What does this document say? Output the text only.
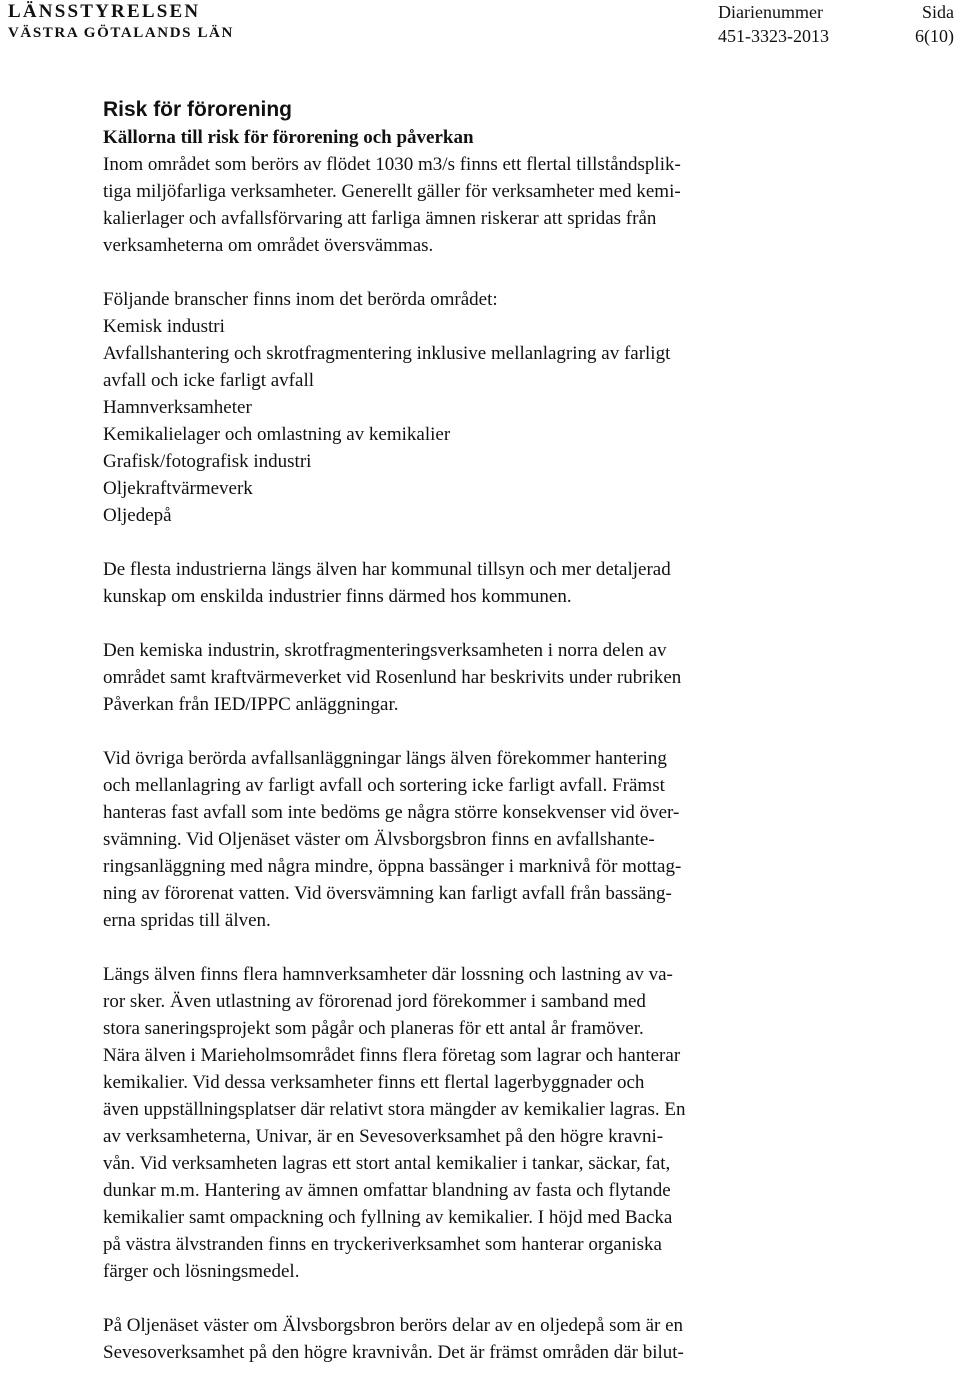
LÄNSSTYRELSEN
VÄSTRA GÖTALANDS LÄN
Diarienummer
451-3323-2013
Sida
6(10)
Risk för förorening
Källorna till risk för förorening och påverkan
Inom området som berörs av flödet 1030 m3/s finns ett flertal tillståndsplik-
tiga miljöfarliga verksamheter. Generellt gäller för verksamheter med kemi-
kalierlager och avfallsförvaring att farliga ämnen riskerar att spridas från
verksamheterna om området översvämmas.
Följande branscher finns inom det berörda området:
Kemisk industri
Avfallshantering och skrotfragmentering inklusive mellanlagring av farligt
avfall och icke farligt avfall
Hamnverksamheter
Kemikalielager och omlastning av kemikalier
Grafisk/fotografisk industri
Oljekraftvärmeverk
Oljedepå
De flesta industrierna längs älven har kommunal tillsyn och mer detaljerad
kunskap om enskilda industrier finns därmed hos kommunen.
Den kemiska industrin, skrotfragmenteringsverksamheten i norra delen av
området samt kraftvärmeverket vid Rosenlund har beskrivits under rubriken
Påverkan från IED/IPPC anläggningar.
Vid övriga berörda avfallsanläggningar längs älven förekommer hantering
och mellanlagring av farligt avfall och sortering icke farligt avfall. Främst
hanteras fast avfall som inte bedöms ge några större konsekvenser vid över-
svämning. Vid Oljenäset väster om Älvsborgsbron finns en avfallshante-
ringsanläggning med några mindre, öppna bassänger i marknivå för mottag-
ning av förorenat vatten. Vid översvämning kan farligt avfall från bassäng-
erna spridas till älven.
Längs älven finns flera hamnverksamheter där lossning och lastning av va-
ror sker. Även utlastning av förorenad jord förekommer i samband med
stora saneringsprojekt som pågår och planeras för ett antal år framöver.
Nära älven i Marieholmsområdet finns flera företag som lagrar och hanterar
kemikalier. Vid dessa verksamheter finns ett flertal lagerbyggnader och
även uppställningsplatser där relativt stora mängder av kemikalier lagras. En
av verksamheterna, Univar, är en Sevesoverksamhet på den högre kravni-
vån. Vid verksamheten lagras ett stort antal kemikalier i tankar, säckar, fat,
dunkar m.m. Hantering av ämnen omfattar blandning av fasta och flytande
kemikalier samt ompackning och fyllning av kemikalier. I höjd med Backa
på västra älvstranden finns en tryckeriverksamhet som hanterar organiska
färger och lösningsmedel.
På Oljenäset väster om Älvsborgsbron berörs delar av en oljedepå som är en
Sevesoverksamhet på den högre kravnivån. Det är främst områden där bilut-
